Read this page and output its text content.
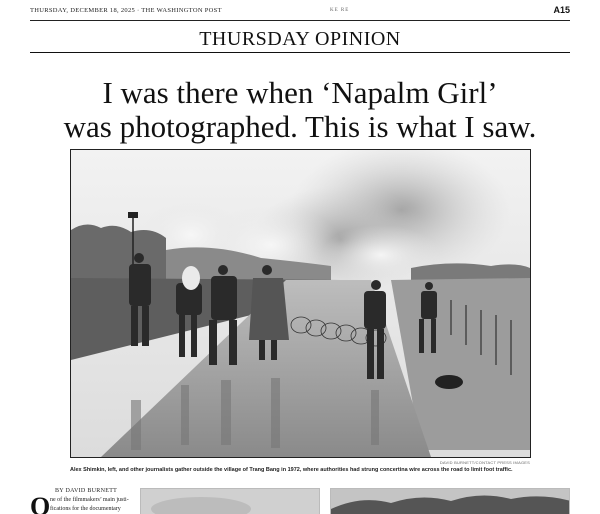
THURSDAY, DECEMBER 18, 2025 · THE WASHINGTON POST	KE RE	A15
THURSDAY OPINION
I was there when ‘Napalm Girl’
was photographed. This is what I saw.
DAVID BURNETT/CONTACT PRESS IMAGES
Alex Shimkin, left, and other journalists gather outside the village of Trang Bang in 1972, where authorities had strung concertina wire across the road to limit foot traffic.
BY DAVID BURNETT
O ne of the filmmakers’ main justi-
fications for the documentary
